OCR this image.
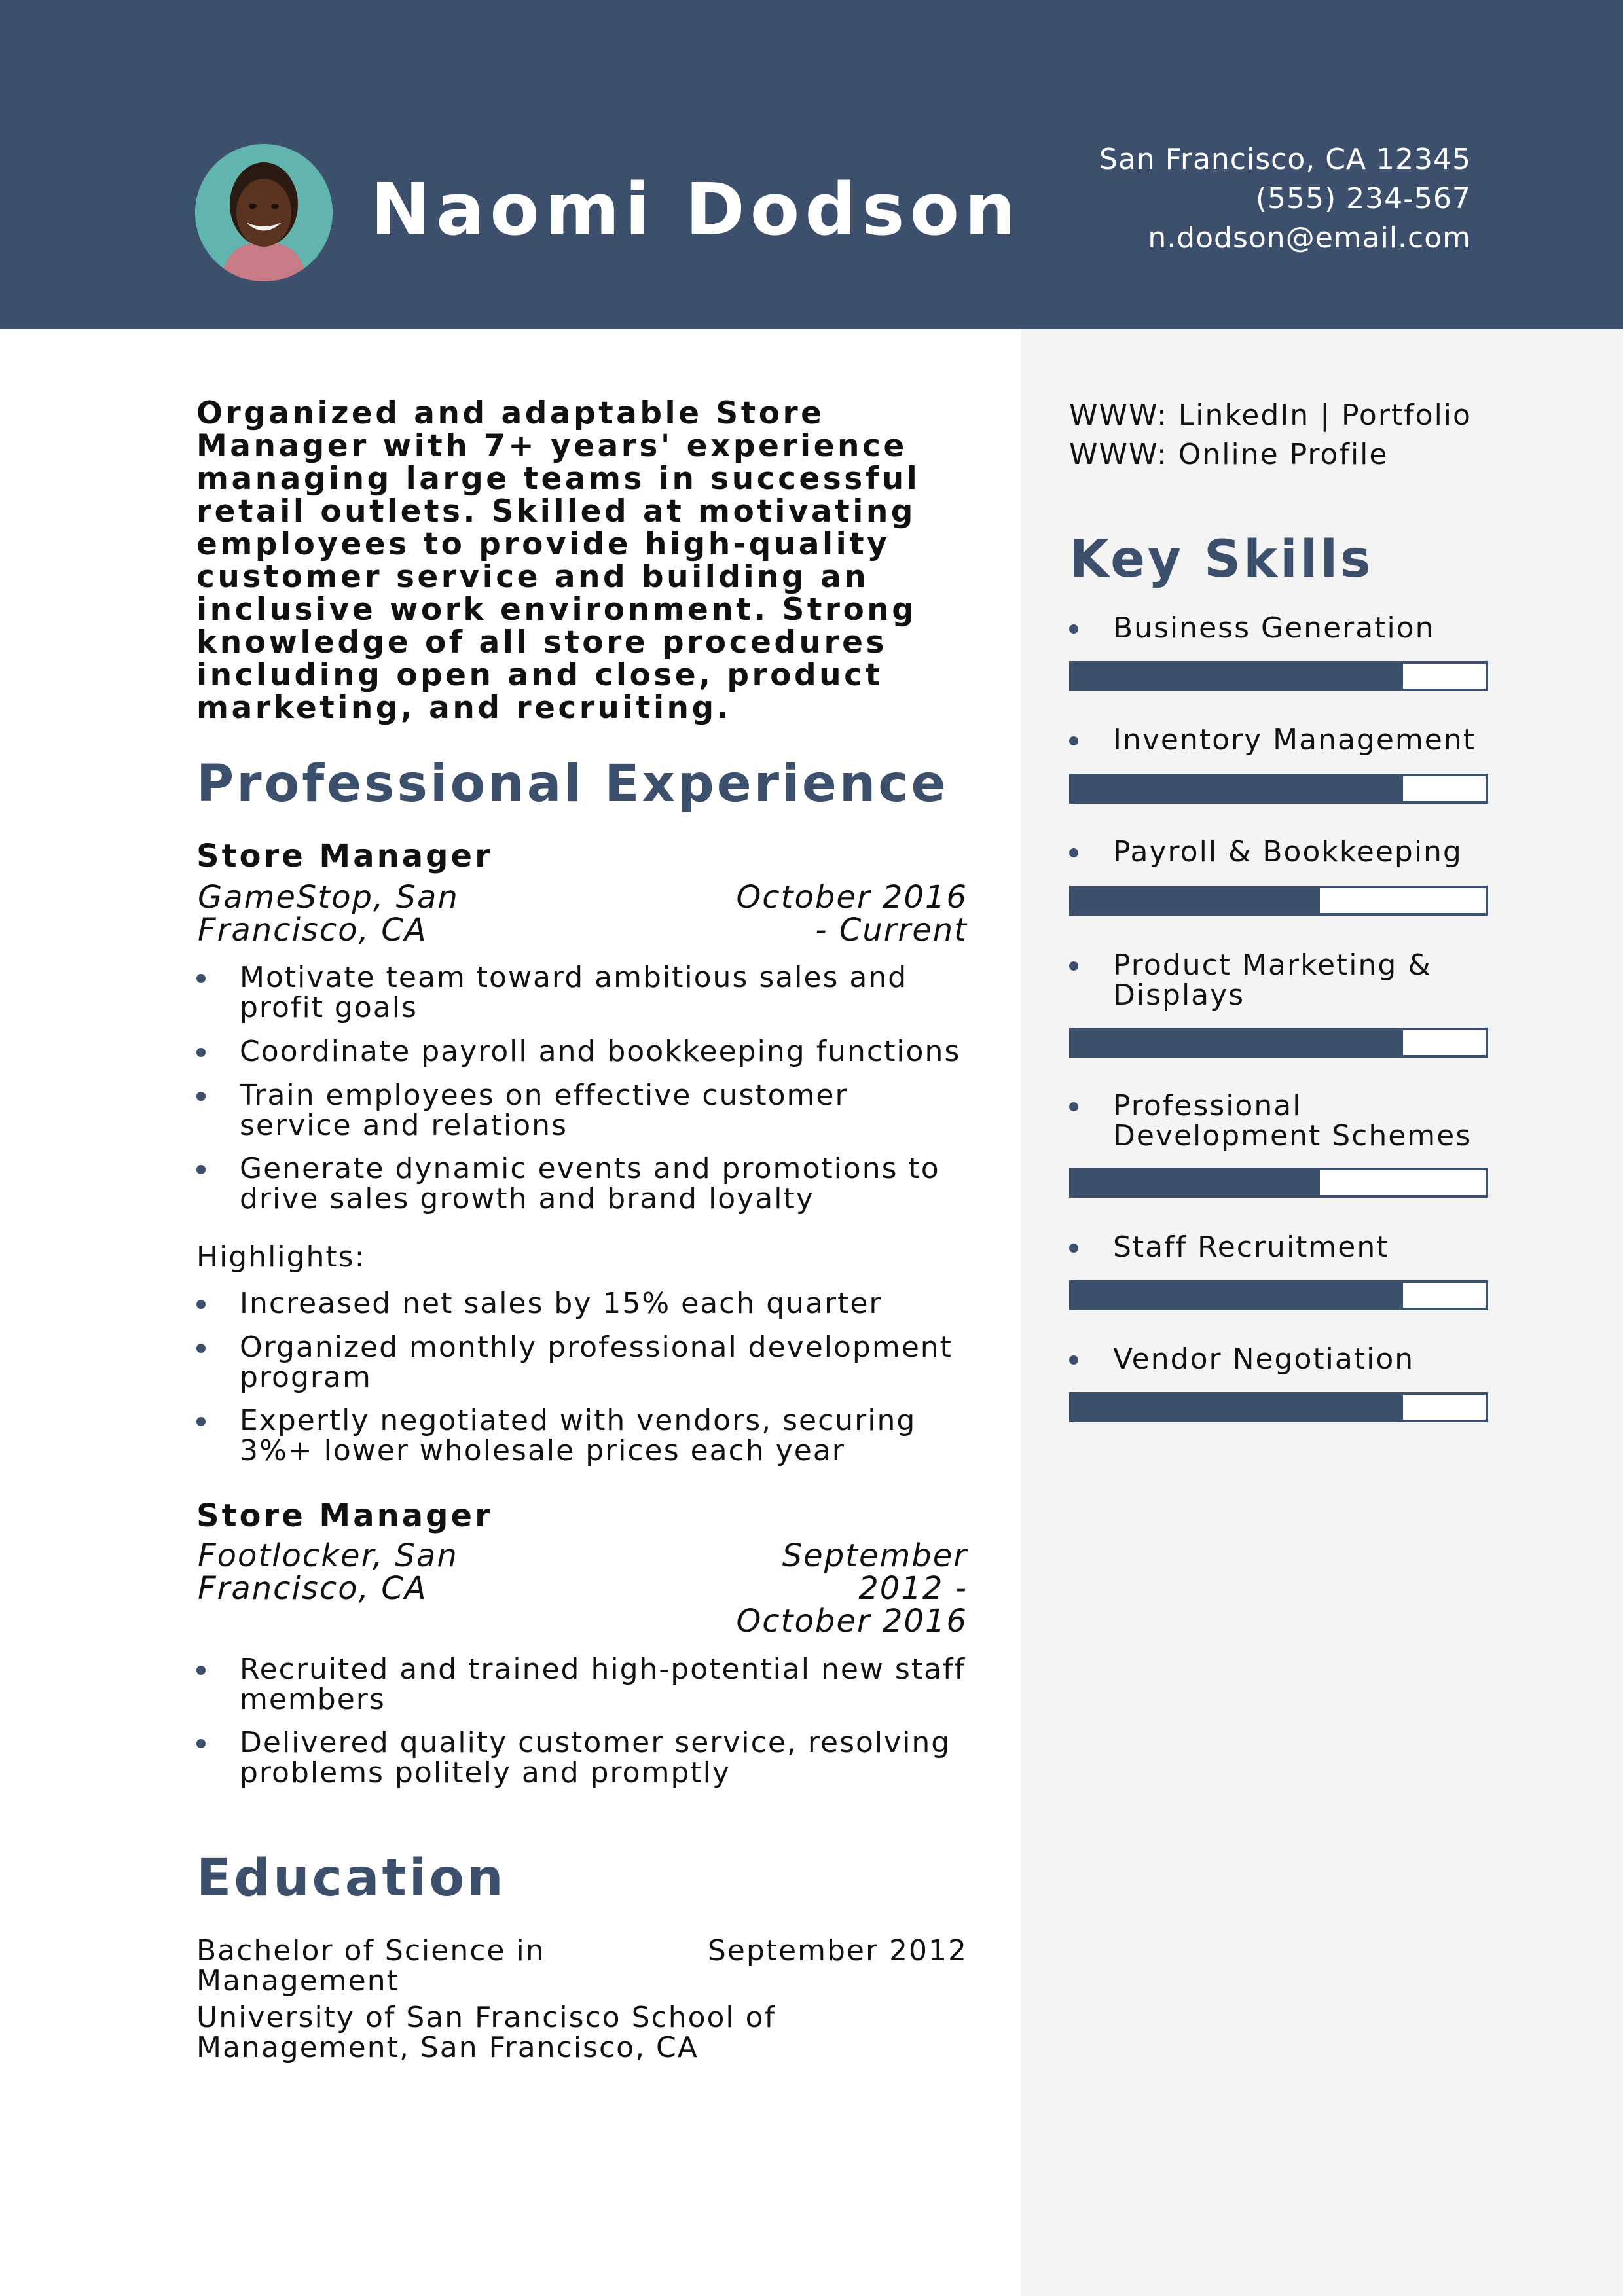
Naomi Dodson
San Francisco, CA 12345
(555) 234-567
n.dodson@email.com
WWW: LinkedIn | Portfolio
WWW: Online Profile
Key Skills
Business Generation
Inventory Management
Payroll & Bookkeeping
Product Marketing & Displays
Professional Development Schemes
Staff Recruitment
Vendor Negotiation
Organized and adaptable Store Manager with 7+ years' experience managing large teams in successful retail outlets. Skilled at motivating employees to provide high-quality customer service and building an inclusive work environment. Strong knowledge of all store procedures including open and close, product marketing, and recruiting.
Professional Experience
Store Manager
GameStop, San
Francisco, CA
October 2016
- Current
Motivate team toward ambitious sales and profit goals
Coordinate payroll and bookkeeping functions
Train employees on effective customer service and relations
Generate dynamic events and promotions to drive sales growth and brand loyalty
Highlights:
Increased net sales by 15% each quarter
Organized monthly professional development program
Expertly negotiated with vendors, securing 3%+ lower wholesale prices each year
Store Manager
Footlocker, San
Francisco, CA
September
2012 -
October 2016
Recruited and trained high-potential new staff members
Delivered quality customer service, resolving problems politely and promptly
Education
Bachelor of Science in Management
September 2012
University of San Francisco School of Management, San Francisco, CA
